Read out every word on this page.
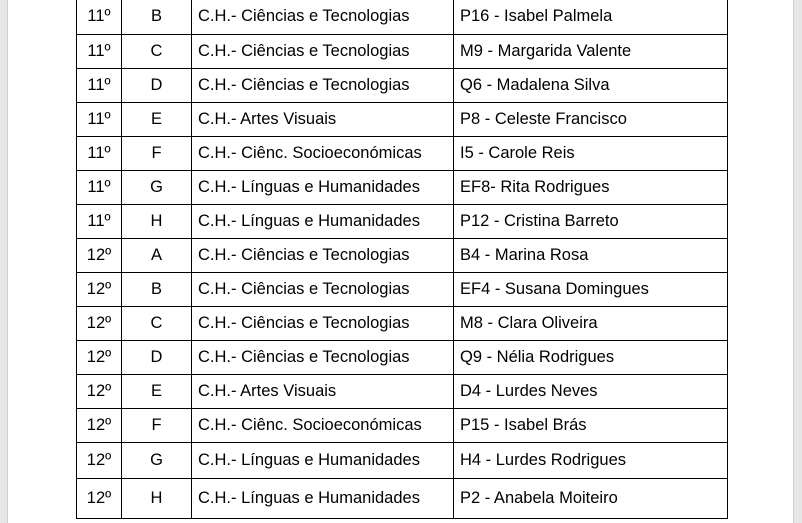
11º	B	C.H.- Ciências e Tecnologias	P16 - Isabel Palmela
11º	C	C.H.- Ciências e Tecnologias	M9 - Margarida Valente
11º	D	C.H.- Ciências e Tecnologias	Q6 - Madalena Silva
11º	E	C.H.- Artes Visuais	P8 - Celeste Francisco
11º	F	C.H.- Ciênc. Socioeconómicas	I5 - Carole Reis
11º	G	C.H.- Línguas e Humanidades	EF8- Rita Rodrigues
11º	H	C.H.- Línguas e Humanidades	P12 - Cristina Barreto
12º	A	C.H.- Ciências e Tecnologias	B4 - Marina Rosa
12º	B	C.H.- Ciências e Tecnologias	EF4 - Susana Domingues
12º	C	C.H.- Ciências e Tecnologias	M8 - Clara Oliveira
12º	D	C.H.- Ciências e Tecnologias	Q9 - Nélia Rodrigues
12º	E	C.H.- Artes Visuais	D4 - Lurdes Neves
12º	F	C.H.- Ciênc. Socioeconómicas	P15 - Isabel Brás
12º	G	C.H.- Línguas e Humanidades	H4 - Lurdes Rodrigues
12º	H	C.H.- Línguas e Humanidades	P2 - Anabela Moiteiro
